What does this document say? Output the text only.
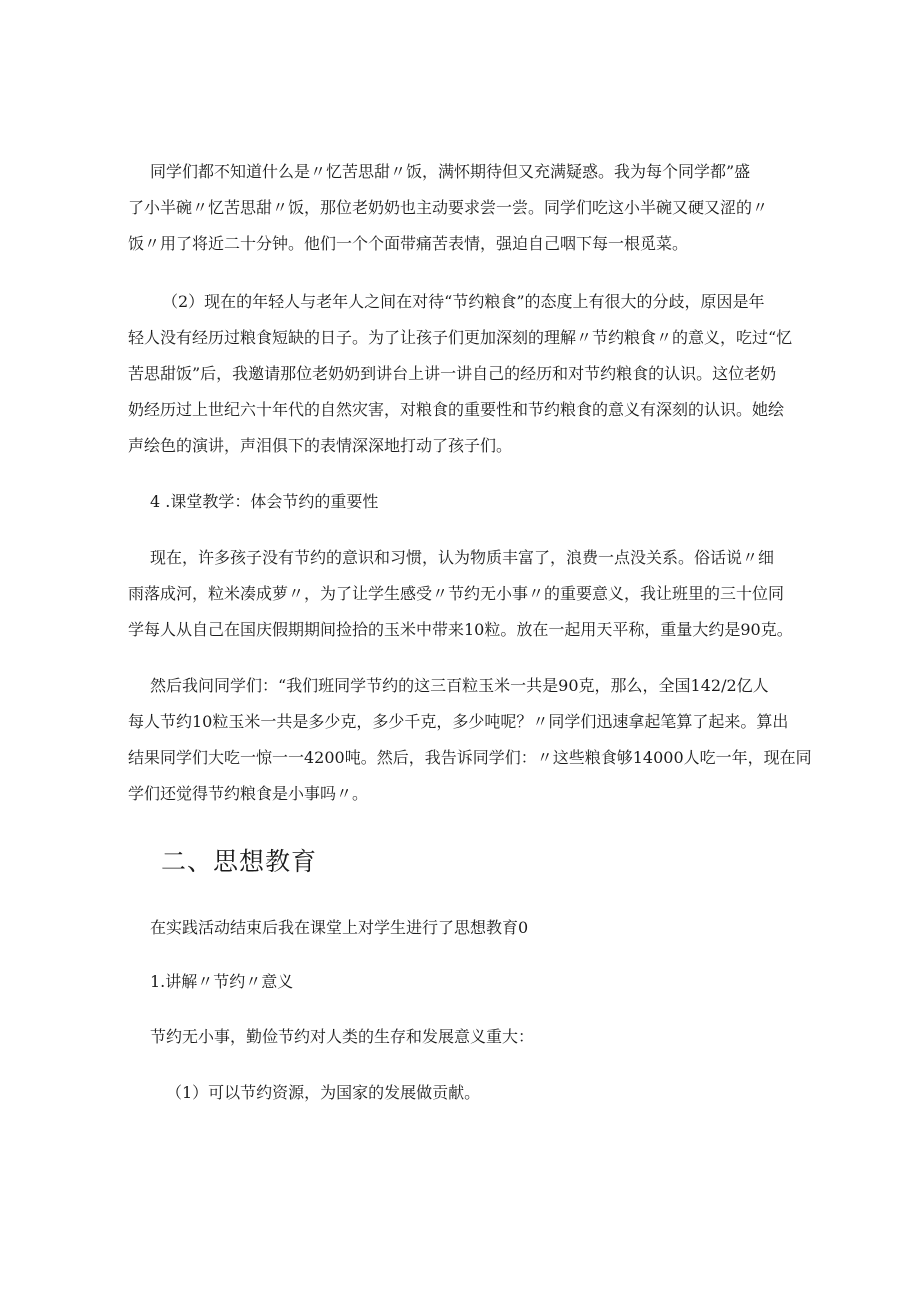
同学们都不知道什么是〃忆苦思甜〃饭，满怀期待但又充满疑惑。我为每个同学都”盛
了小半碗〃忆苦思甜〃饭，那位老奶奶也主动要求尝一尝。同学们吃这小半碗又硬又涩的〃
饭〃用了将近二十分钟。他们一个个面带痛苦表情，强迫自己咽下每一根觅菜。

（2）现在的年轻人与老年人之间在对待“节约粮食”的态度上有很大的分歧，原因是年
轻人没有经历过粮食短缺的日子。为了让孩子们更加深刻的理解〃节约粮食〃的意义，吃过“忆
苦思甜饭”后，我邀请那位老奶奶到讲台上讲一讲自己的经历和对节约粮食的认识。这位老奶
奶经历过上世纪六十年代的自然灾害，对粮食的重要性和节约粮食的意义有深刻的认识。她绘
声绘色的演讲，声泪俱下的表情深深地打动了孩子们。

4 .课堂教学：体会节约的重要性

现在，许多孩子没有节约的意识和习惯，认为物质丰富了，浪费一点没关系。俗话说〃细
雨落成河，粒米凑成萝〃，为了让学生感受〃节约无小事〃的重要意义，我让班里的三十位同
学每人从自己在国庆假期期间捡拾的玉米中带来10粒。放在一起用天平称，重量大约是90克。

然后我问同学们：“我们班同学节约的这三百粒玉米一共是90克，那么，全国142/2亿人
每人节约10粒玉米一共是多少克，多少千克，多少吨呢？〃同学们迅速拿起笔算了起来。算出
结果同学们大吃一惊一一4200吨。然后，我告诉同学们：〃这些粮食够14000人吃一年，现在同
学们还觉得节约粮食是小事吗〃。

二、思想教育

在实践活动结束后我在课堂上对学生进行了思想教育0

1.讲解〃节约〃意义

节约无小事，勤俭节约对人类的生存和发展意义重大：

（1）可以节约资源，为国家的发展做贡献。
